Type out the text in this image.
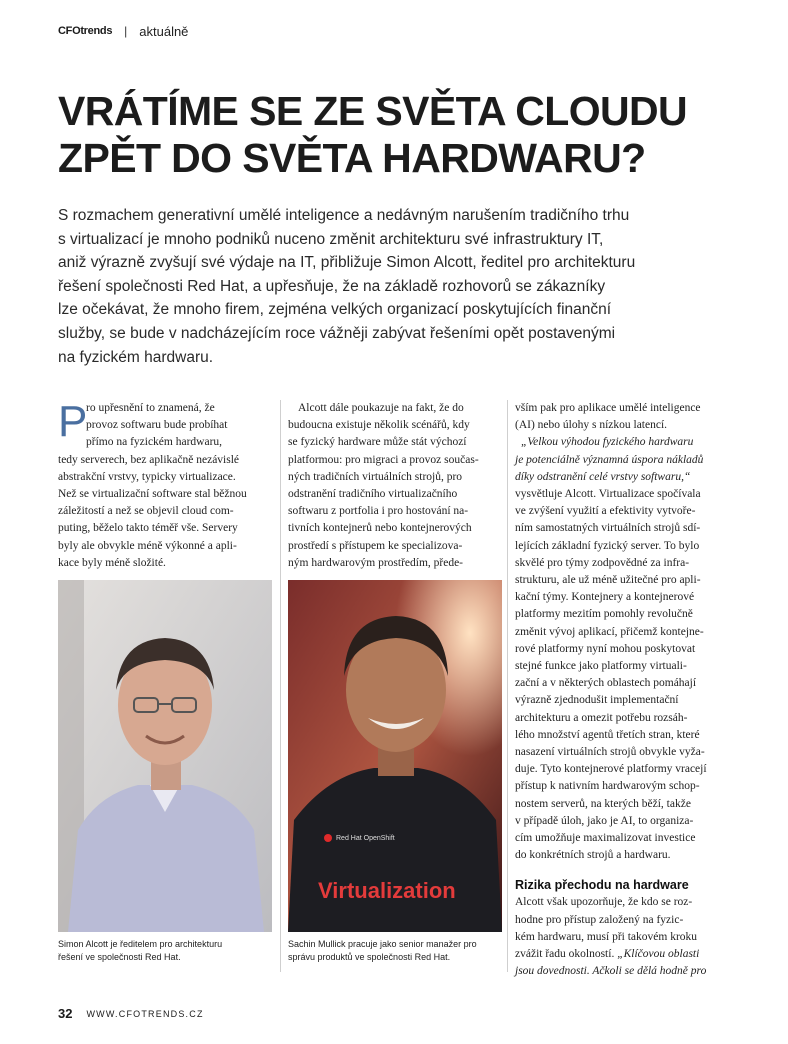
CFOtrends | aktuálně
VRÁTÍME SE ZE SVĚTA CLOUDU
ZPĚT DO SVĚTA HARDWARU?
S rozmachem generativní umělé inteligence a nedávným narušením tradičního trhu
s virtualizací je mnoho podniků nuceno změnit architekturu své infrastruktury IT,
aniž výrazně zvyšují své výdaje na IT, přibližuje Simon Alcott, ředitel pro architekturu
řešení společnosti Red Hat, a upřesňuje, že na základě rozhovorů se zákazníky
lze očekávat, že mnoho firem, zejména velkých organizací poskytujících finanční
služby, se bude v nadcházejícím roce vážněji zabývat řešeními opět postavenými
na fyzickém hardwaru.
P
ro upřesnění to znamená, že
provoz softwaru bude probíhat
přímo na fyzickém hardwaru,
tedy serverech, bez aplikačně nezávislé
abstrakční vrstvy, typicky virtualizace.
Než se virtualizační software stal běžnou
záležitostí a než se objevil cloud com-
puting, běželo takto téměř vše. Servery
byly ale obvykle méně výkonné a apli-
kace byly méně složité.
Alcott dále poukazuje na fakt, že do
budoucna existuje několik scénářů, kdy
se fyzický hardware může stát výchozí
platformou: pro migraci a provoz součas-
ných tradičních virtuálních strojů, pro
odstranění tradičního virtualizačního
softwaru z portfolia i pro hostování na-
tivních kontejnerů nebo kontejnerových
prostředí s přístupem ke specializova-
ným hardwarovým prostředím, přede-
vším pak pro aplikace umělé inteligence
(AI) nebo úlohy s nízkou latencí.
„Velkou výhodou fyzického hardwaru
je potenciálně významná úspora nákladů
díky odstranění celé vrstvy softwaru,“
vysvětluje Alcott. Virtualizace spočívala
ve zvýšení využití a efektivity vytvoře-
ním samostatných virtuálních strojů sdí-
lejících základní fyzický server. To bylo
skvělé pro týmy zodpovědné za infra-
strukturu, ale už méně užitečné pro apli-
kační týmy. Kontejnery a kontejnerové
platformy mezitím pomohly revolučně
změnit vývoj aplikací, přičemž kontejne-
rové platformy nyní mohou poskytovat
stejné funkce jako platformy virtuali-
zační a v některých oblastech pomáhají
výrazně zjednodušit implementační
architekturu a omezit potřebu rozsáh-
lého množství agentů třetích stran, které
nasazení virtuálních strojů obvykle vyža-
duje. Tyto kontejnerové platformy vracejí
přístup k nativním hardwarovým schop-
nostem serverů, na kterých běží, takže
v případě úloh, jako je AI, to organiza-
cím umožňuje maximalizovat investice
do konkrétních strojů a hardwaru.
Rizika přechodu na hardware
Alcott však upozorňuje, že kdo se roz-
hodne pro přístup založený na fyzic-
kém hardwaru, musí při takovém kroku
zvážit řadu okolností. „Klíčovou oblasti
jsou dovednosti. Ačkoli se dělá hodně pro
Red Hat OpenShift
Virtualization
Simon Alcott je ředitelem pro architekturu
řešení ve společnosti Red Hat.
Sachin Mullick pracuje jako senior manažer pro
správu produktů ve společnosti Red Hat.
32 WWW.CFOTRENDS.CZ
